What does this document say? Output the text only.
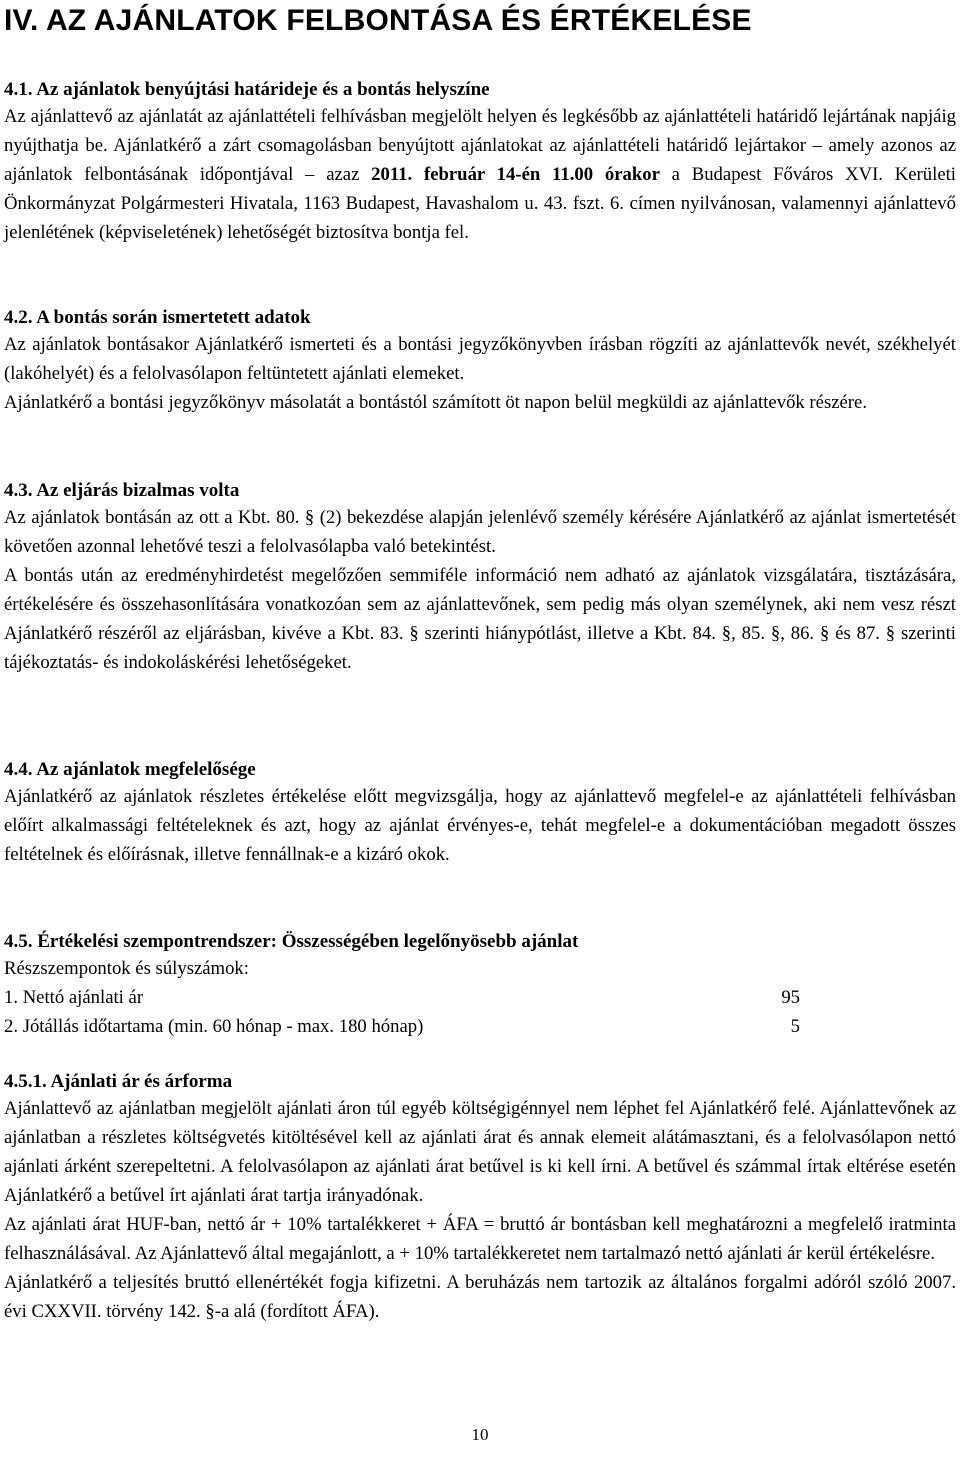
IV. AZ AJÁNLATOK FELBONTÁSA ÉS ÉRTÉKELÉSE
4.1. Az ajánlatok benyújtási határideje és a bontás helyszíne

Az ajánlattevő az ajánlatát az ajánlattételi felhívásban megjelölt helyen és legkésőbb az ajánlattételi határidő lejártának napjáig nyújthatja be. Ajánlatkérő a zárt csomagolásban benyújtott ajánlatokat az ajánlattételi határidő lejártakor – amely azonos az ajánlatok felbontásának időpontjával – azaz 2011. február 14-én 11.00 órakor a Budapest Főváros XVI. Kerületi Önkormányzat Polgármesteri Hivatala, 1163 Budapest, Havashalom u. 43. fszt. 6. címen nyilvánosan, valamennyi ajánlattevő jelenlétének (képviseletének) lehetőségét biztosítva bontja fel.

4.2. A bontás során ismertetett adatok

Az ajánlatok bontásakor Ajánlatkérő ismerteti és a bontási jegyzőkönyvben írásban rögzíti az ajánlattevők nevét, székhelyét (lakóhelyét) és a felolvasólapon feltüntetett ajánlati elemeket.

Ajánlatkérő a bontási jegyzőkönyv másolatát a bontástól számított öt napon belül megküldi az ajánlattevők részére.

4.3. Az eljárás bizalmas volta

Az ajánlatok bontásán az ott a Kbt. 80. § (2) bekezdése alapján jelenlévő személy kérésére Ajánlatkérő az ajánlat ismertetését követően azonnal lehetővé teszi a felolvasólapba való betekintést.

A bontás után az eredményhirdetést megelőzően semmiféle információ nem adható az ajánlatok vizsgálatára, tisztázására, értékelésére és összehasonlítására vonatkozóan sem az ajánlattevőnek, sem pedig más olyan személynek, aki nem vesz részt Ajánlatkérő részéről az eljárásban, kivéve a Kbt. 83. § szerinti hiánypótlást, illetve a Kbt. 84. §, 85. §, 86. § és 87. § szerinti tájékoztatás- és indokoláskérési lehetőségeket.

4.4. Az ajánlatok megfelelősége

Ajánlatkérő az ajánlatok részletes értékelése előtt megvizsgálja, hogy az ajánlattevő megfelel-e az ajánlattételi felhívásban előírt alkalmassági feltételeknek és azt, hogy az ajánlat érvényes-e, tehát megfelel-e a dokumentációban megadott összes feltételnek és előírásnak, illetve fennállnak-e a kizáró okok.

4.5. Értékelési szempontrendszer: Összességében legelőnyösebb ajánlat

Részszempontok és súlyszámok:

1. Nettó ajánlati ár	95
2. Jótállás időtartama (min. 60 hónap - max. 180 hónap)	5
4.5.1. Ajánlati ár és árforma

Ajánlattevő az ajánlatban megjelölt ajánlati áron túl egyéb költségigénnyel nem léphet fel Ajánlatkérő felé. Ajánlattevőnek az ajánlatban a részletes költségvetés kitöltésével kell az ajánlati árat és annak elemeit alátámasztani, és a felolvasólapon nettó ajánlati árként szerepeltetni. A felolvasólapon az ajánlati árat betűvel is ki kell írni. A betűvel és számmal írtak eltérése esetén Ajánlatkérő a betűvel írt ajánlati árat tartja irányadónak.

Az ajánlati árat HUF-ban, nettó ár + 10% tartalékkeret + ÁFA = bruttó ár bontásban kell meghatározni a megfelelő iratminta felhasználásával. Az Ajánlattevő által megajánlott, a + 10% tartalékkeretet nem tartalmazó nettó ajánlati ár kerül értékelésre.

Ajánlatkérő a teljesítés bruttó ellenértékét fogja kifizetni. A beruházás nem tartozik az általános forgalmi adóról szóló 2007. évi CXXVII. törvény 142. §-a alá (fordított ÁFA).

10
